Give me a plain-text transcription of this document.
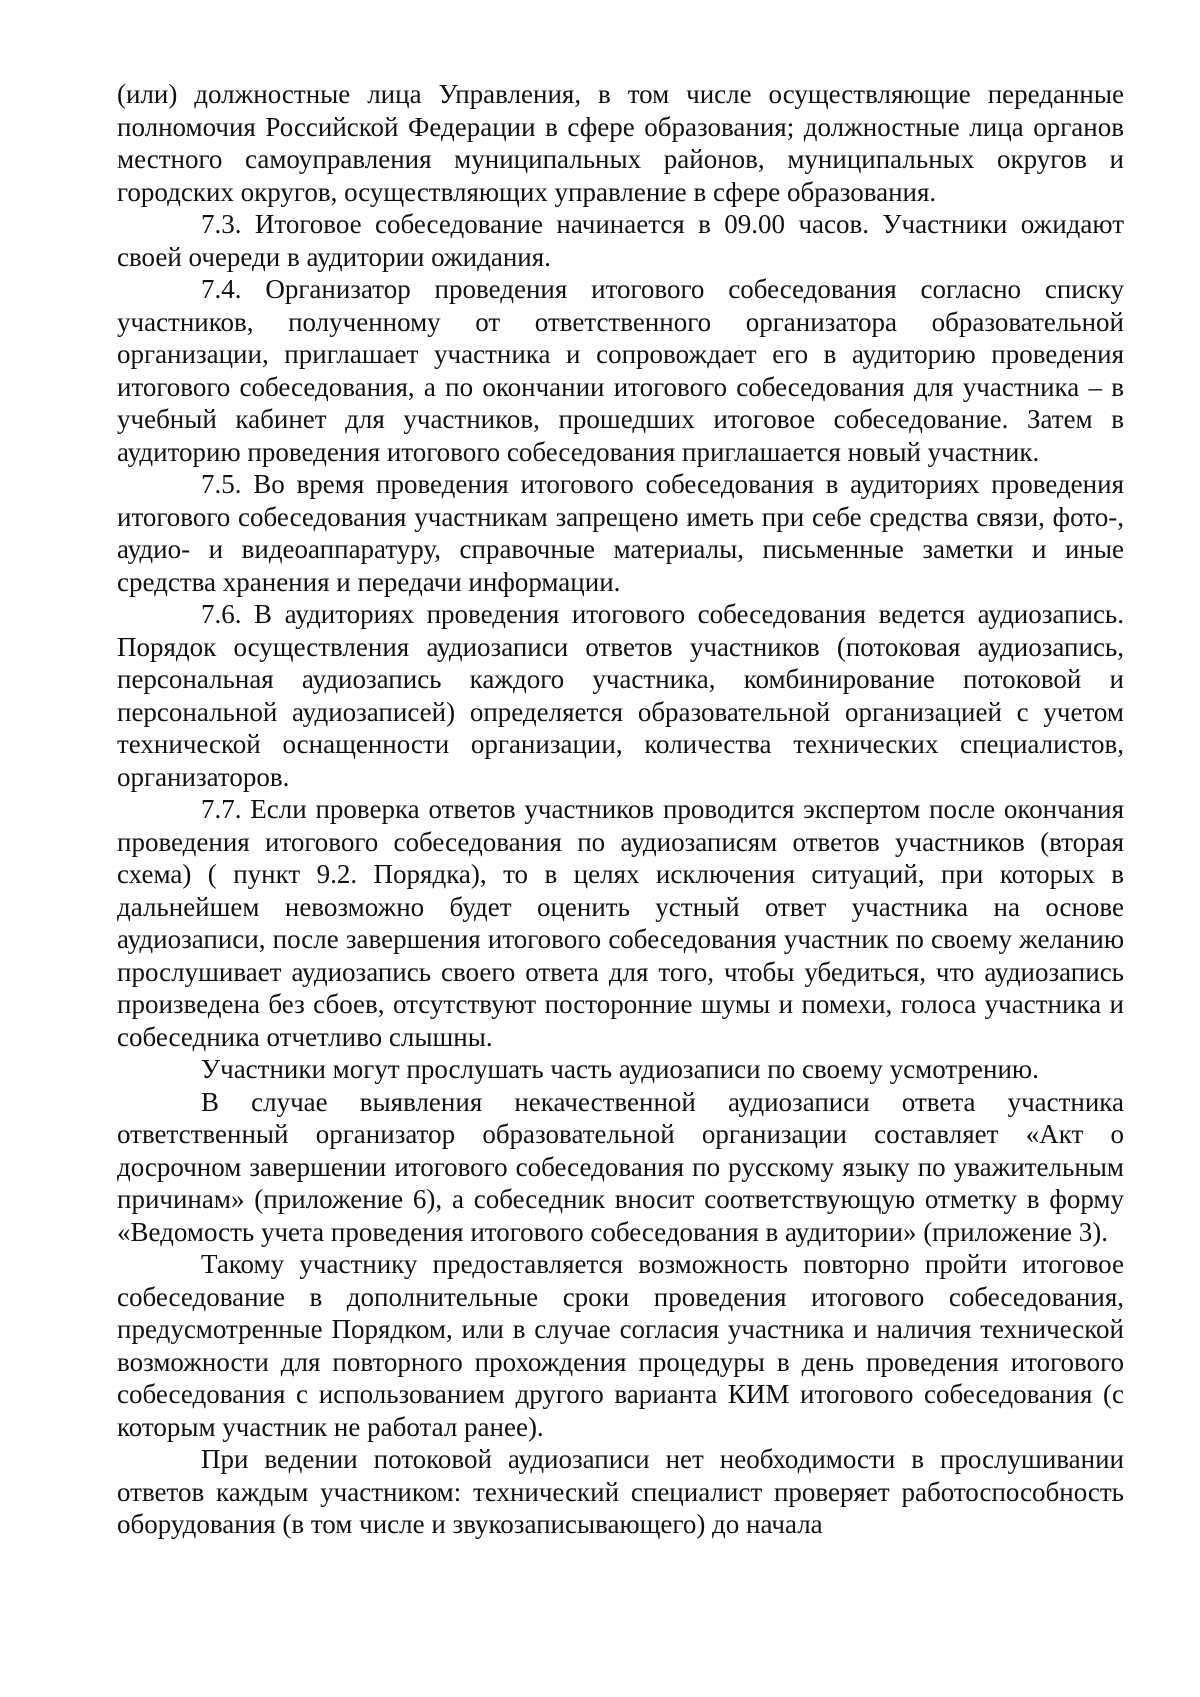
(или) должностные лица Управления, в том числе осуществляющие переданные полномочия Российской Федерации в сфере образования; должностные лица органов местного самоуправления муниципальных районов, муниципальных округов и городских округов, осуществляющих управление в сфере образования.

7.3. Итоговое собеседование начинается в 09.00 часов. Участники ожидают своей очереди в аудитории ожидания.

7.4. Организатор проведения итогового собеседования согласно списку участников, полученному от ответственного организатора образовательной организации, приглашает участника и сопровождает его в аудиторию проведения итогового собеседования, а по окончании итогового собеседования для участника – в учебный кабинет для участников, прошедших итоговое собеседование. Затем в аудиторию проведения итогового собеседования приглашается новый участник.

7.5. Во время проведения итогового собеседования в аудиториях проведения итогового собеседования участникам запрещено иметь при себе средства связи, фото-, аудио- и видеоаппаратуру, справочные материалы, письменные заметки и иные средства хранения и передачи информации.

7.6. В аудиториях проведения итогового собеседования ведется аудиозапись. Порядок осуществления аудиозаписи ответов участников (потоковая аудиозапись, персональная аудиозапись каждого участника, комбинирование потоковой и персональной аудиозаписей) определяется образовательной организацией с учетом технической оснащенности организации, количества технических специалистов, организаторов.

7.7. Если проверка ответов участников проводится экспертом после окончания проведения итогового собеседования по аудиозаписям ответов участников (вторая схема) ( пункт 9.2. Порядка), то в целях исключения ситуаций, при которых в дальнейшем невозможно будет оценить устный ответ участника на основе аудиозаписи, после завершения итогового собеседования участник по своему желанию прослушивает аудиозапись своего ответа для того, чтобы убедиться, что аудиозапись произведена без сбоев, отсутствуют посторонние шумы и помехи, голоса участника и собеседника отчетливо слышны.

Участники могут прослушать часть аудиозаписи по своему усмотрению.

В случае выявления некачественной аудиозаписи ответа участника ответственный организатор образовательной организации составляет «Акт о досрочном завершении итогового собеседования по русскому языку по уважительным причинам» (приложение 6), а собеседник вносит соответствующую отметку в форму «Ведомость учета проведения итогового собеседования в аудитории» (приложение 3).

Такому участнику предоставляется возможность повторно пройти итоговое собеседование в дополнительные сроки проведения итогового собеседования, предусмотренные Порядком, или в случае согласия участника и наличия технической возможности для повторного прохождения процедуры в день проведения итогового собеседования с использованием другого варианта КИМ итогового собеседования (с которым участник не работал ранее).

При ведении потоковой аудиозаписи нет необходимости в прослушивании ответов каждым участником: технический специалист проверяет работоспособность оборудования (в том числе и звукозаписывающего) до начала
